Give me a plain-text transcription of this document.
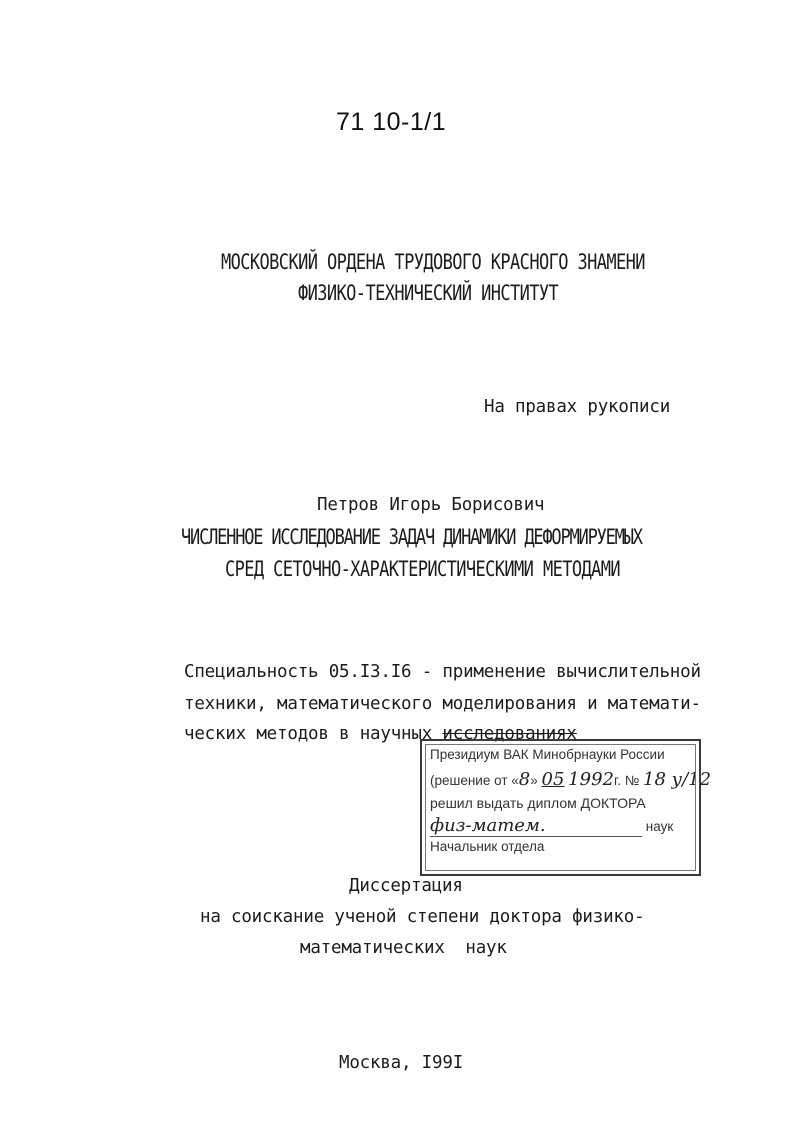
71 10-1/1
МОСКОВСКИЙ ОРДЕНА ТРУДОВОГО КРАСНОГО ЗНАМЕНИ
ФИЗИКО-ТЕХНИЧЕСКИЙ ИНСТИТУТ
На правах рукописи
Петров Игорь Борисович
ЧИСЛЕННОЕ ИССЛЕДОВАНИЕ ЗАДАЧ ДИНАМИКИ ДЕФОРМИРУЕМЫХ
СРЕД СЕТОЧНО-ХАРАКТЕРИСТИЧЕСКИМИ МЕТОДАМИ
Специальность 05.I3.I6 - применение вычислительной
техники, математического моделирования и математи-
ческих методов в научных исследованиях
Президиум ВАК Минобрнауки России
(решение от «8» 05 1992г. № 18 у/12
решил выдать диплом ДОКТОРА
физ-матем.	наук
Начальник отдела
Диссертация
на соискание ученой степени доктора физико-
математических  наук
Москва, I99I
